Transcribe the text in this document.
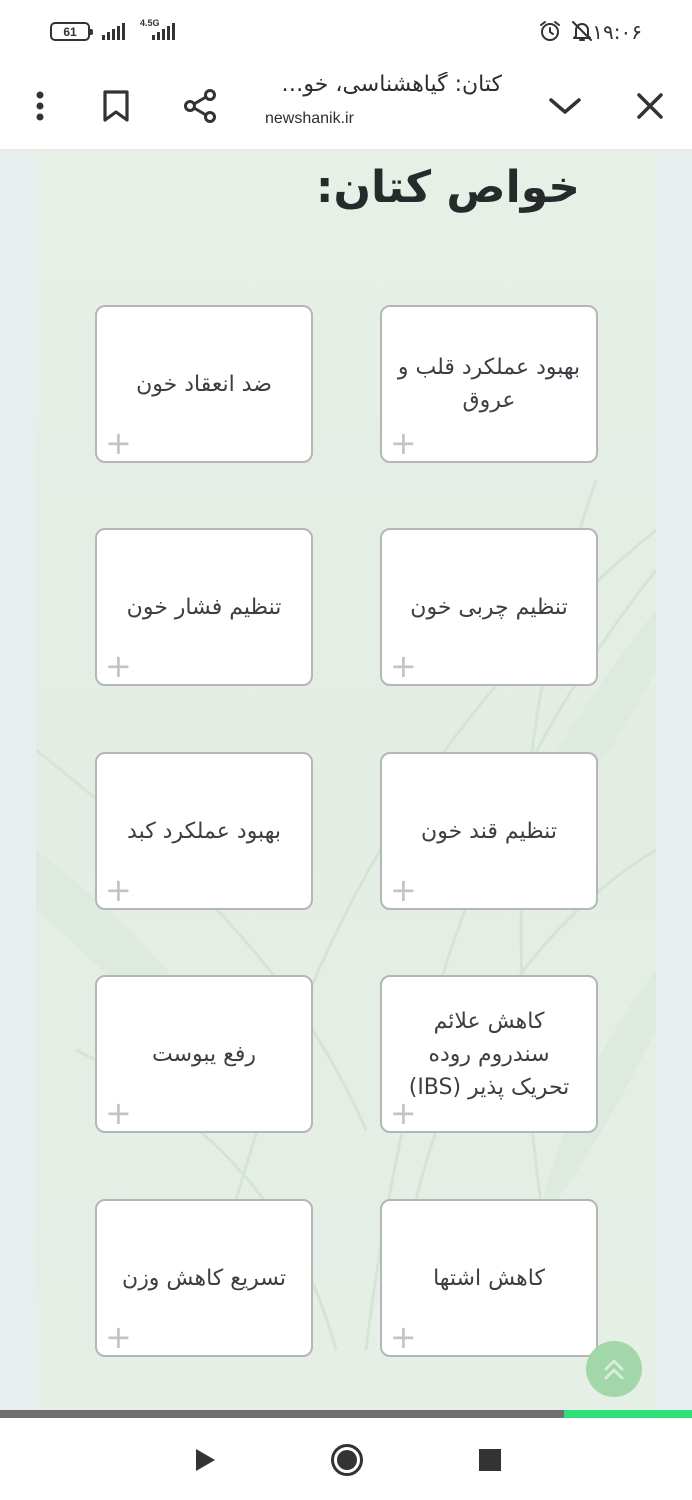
61
4.5G	۱۹:۰۶
کتان: گیاهشناسی، خو…
newshanik.ir
خواص کتان:
بهبود عملکرد قلب و عروق
+
ضد انعقاد خون
+
تنظیم چربی خون
+
تنظیم فشار خون
+
تنظیم قند خون
+
بهبود عملکرد کبد
+
کاهش علائم سندروم روده تحریک پذیر (IBS)
+
رفع یبوست
+
کاهش اشتها
+
تسریع کاهش وزن
+
